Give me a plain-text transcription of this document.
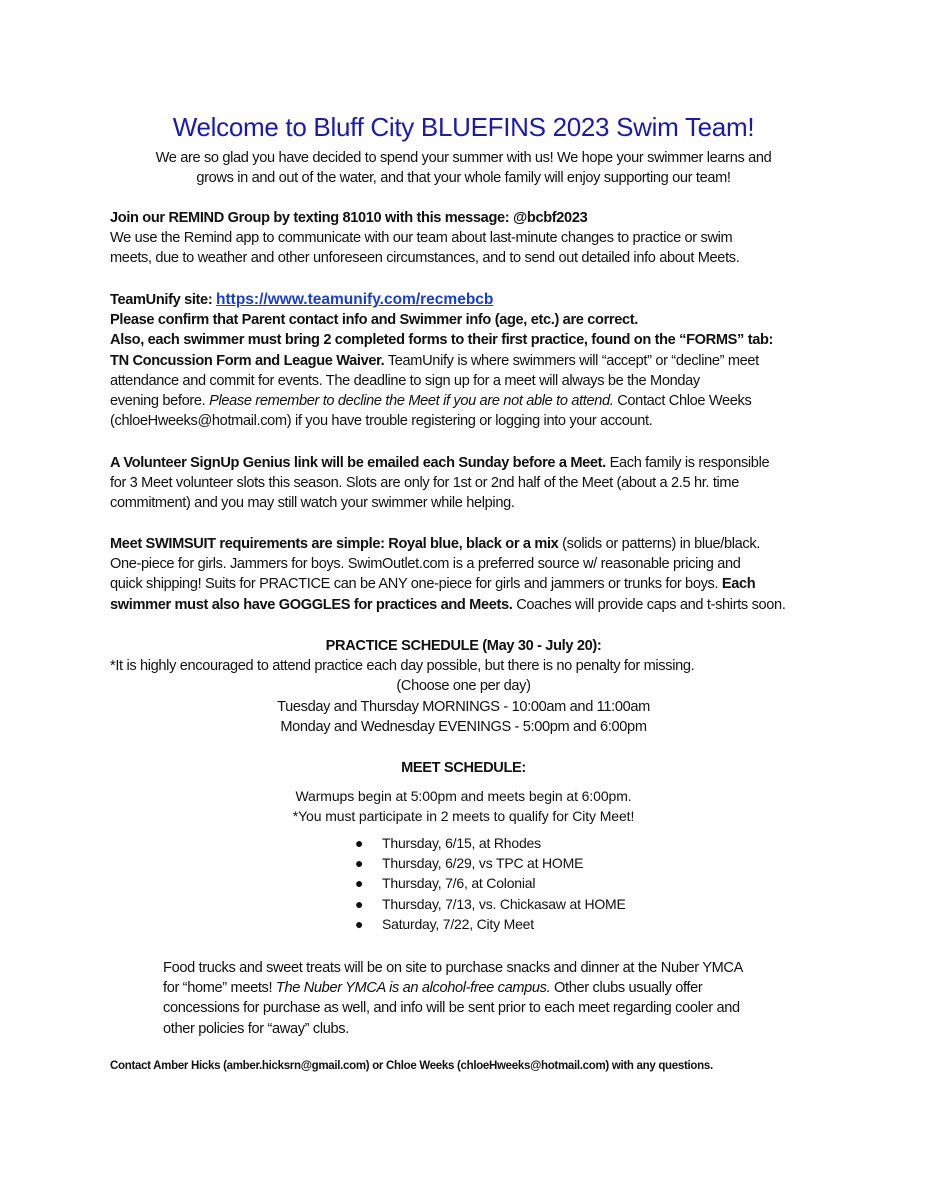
Welcome to Bluff City BLUEFINS 2023 Swim Team!
We are so glad you have decided to spend your summer with us! We hope your swimmer learns and
grows in and out of the water, and that your whole family will enjoy supporting our team!
Join our REMIND Group by texting 81010 with this message: @bcbf2023
We use the Remind app to communicate with our team about last-minute changes to practice or swim
meets, due to weather and other unforeseen circumstances, and to send out detailed info about Meets.
TeamUnify site: https://www.teamunify.com/recmebcb
Please confirm that Parent contact info and Swimmer info (age, etc.) are correct.
Also, each swimmer must bring 2 completed forms to their first practice, found on the “FORMS” tab:
TN Concussion Form and League Waiver. TeamUnify is where swimmers will “accept” or “decline” meet
attendance and commit for events. The deadline to sign up for a meet will always be the Monday
evening before. Please remember to decline the Meet if you are not able to attend. Contact Chloe Weeks
(chloeHweeks@hotmail.com) if you have trouble registering or logging into your account.
A Volunteer SignUp Genius link will be emailed each Sunday before a Meet. Each family is responsible
for 3 Meet volunteer slots this season. Slots are only for 1st or 2nd half of the Meet (about a 2.5 hr. time
commitment) and you may still watch your swimmer while helping.
Meet SWIMSUIT requirements are simple: Royal blue, black or a mix (solids or patterns) in blue/black.
One-piece for girls. Jammers for boys. SwimOutlet.com is a preferred source w/ reasonable pricing and
quick shipping! Suits for PRACTICE can be ANY one-piece for girls and jammers or trunks for boys. Each
swimmer must also have GOGGLES for practices and Meets. Coaches will provide caps and t-shirts soon.
PRACTICE SCHEDULE (May 30 - July 20):
*It is highly encouraged to attend practice each day possible, but there is no penalty for missing.
(Choose one per day)
Tuesday and Thursday MORNINGS - 10:00am and 11:00am
Monday and Wednesday EVENINGS - 5:00pm and 6:00pm
MEET SCHEDULE:
Warmups begin at 5:00pm and meets begin at 6:00pm.
*You must participate in 2 meets to qualify for City Meet!
● Thursday, 6/15, at Rhodes
● Thursday, 6/29, vs TPC at HOME
● Thursday, 7/6, at Colonial
● Thursday, 7/13, vs. Chickasaw at HOME
● Saturday, 7/22, City Meet
Food trucks and sweet treats will be on site to purchase snacks and dinner at the Nuber YMCA
for “home” meets! The Nuber YMCA is an alcohol-free campus. Other clubs usually offer
concessions for purchase as well, and info will be sent prior to each meet regarding cooler and
other policies for “away” clubs.
Contact Amber Hicks (amber.hicksrn@gmail.com) or Chloe Weeks (chloeHweeks@hotmail.com) with any questions.
